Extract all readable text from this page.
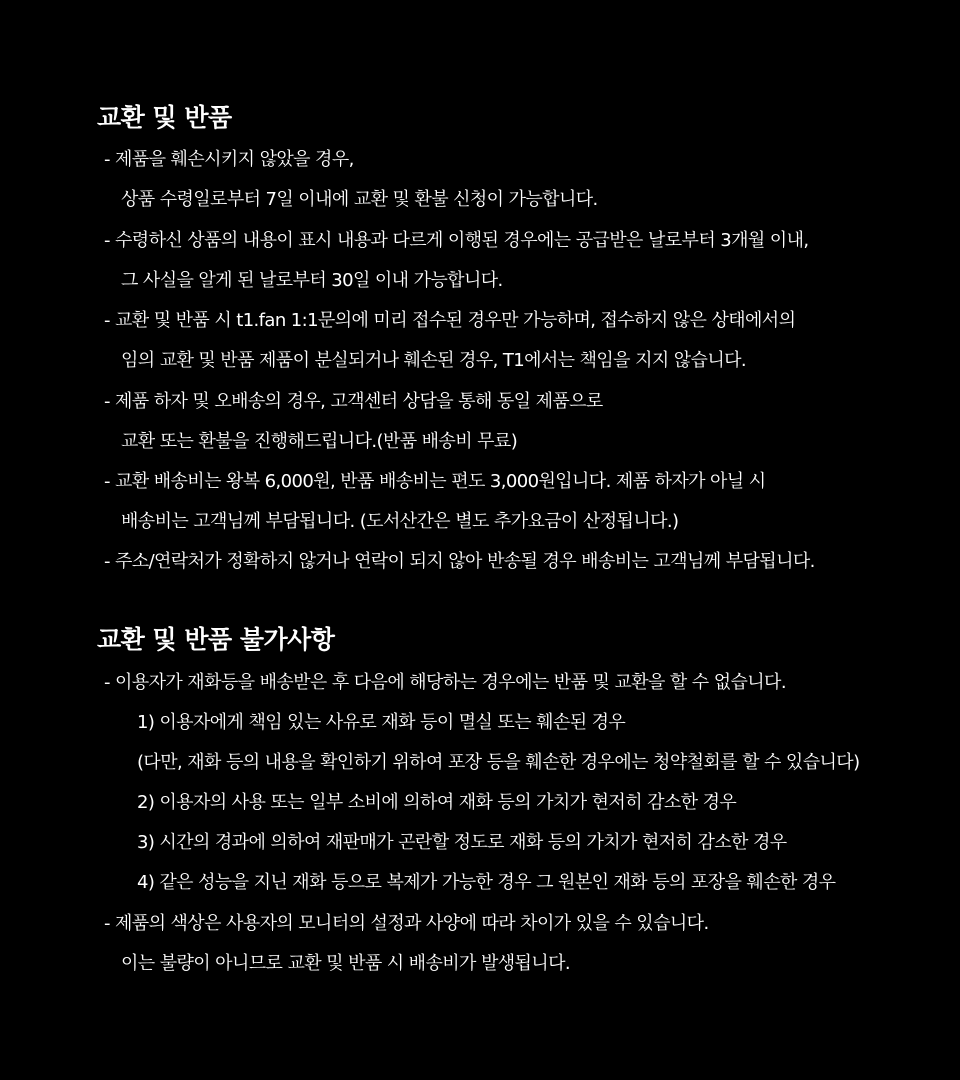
교환 및 반품

- 제품을 훼손시키지 않았을 경우,

상품 수령일로부터 7일 이내에 교환 및 환불 신청이 가능합니다.

- 수령하신 상품의 내용이 표시 내용과 다르게 이행된 경우에는 공급받은 날로부터 3개월 이내,

그 사실을 알게 된 날로부터 30일 이내 가능합니다.

- 교환 및 반품 시 t1.fan 1:1문의에 미리 접수된 경우만 가능하며, 접수하지 않은 상태에서의

임의 교환 및 반품 제품이 분실되거나 훼손된 경우, T1에서는 책임을 지지 않습니다.

- 제품 하자 및 오배송의 경우, 고객센터 상담을 통해 동일 제품으로

교환 또는 환불을 진행해드립니다.(반품 배송비 무료)

- 교환 배송비는 왕복 6,000원, 반품 배송비는 편도 3,000원입니다. 제품 하자가 아닐 시

배송비는 고객님께 부담됩니다. (도서산간은 별도 추가요금이 산정됩니다.)

- 주소/연락처가 정확하지 않거나 연락이 되지 않아 반송될 경우 배송비는 고객님께 부담됩니다.

교환 및 반품 불가사항

- 이용자가 재화등을 배송받은 후 다음에 해당하는 경우에는 반품 및 교환을 할 수 없습니다.

1) 이용자에게 책임 있는 사유로 재화 등이 멸실 또는 훼손된 경우

(다만, 재화 등의 내용을 확인하기 위하여 포장 등을 훼손한 경우에는 청약철회를 할 수 있습니다)

2) 이용자의 사용 또는 일부 소비에 의하여 재화 등의 가치가 현저히 감소한 경우

3) 시간의 경과에 의하여 재판매가 곤란할 정도로 재화 등의 가치가 현저히 감소한 경우

4) 같은 성능을 지닌 재화 등으로 복제가 가능한 경우 그 원본인 재화 등의 포장을 훼손한 경우

- 제품의 색상은 사용자의 모니터의 설정과 사양에 따라 차이가 있을 수 있습니다.

이는 불량이 아니므로 교환 및 반품 시 배송비가 발생됩니다.
